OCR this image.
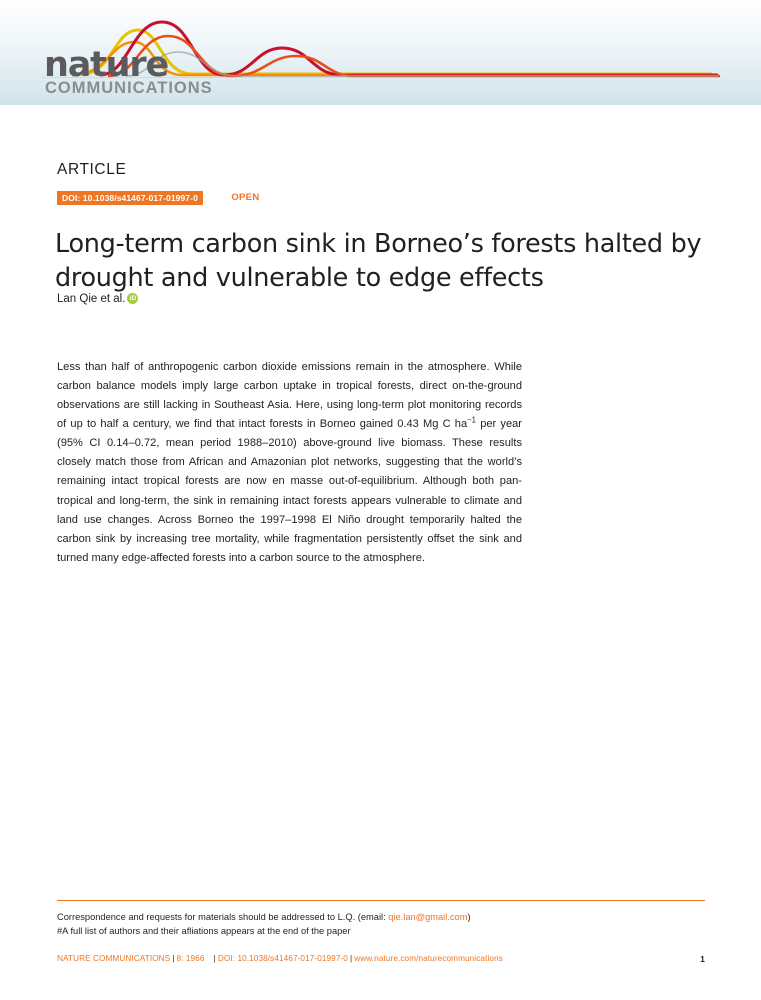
nature
COMMUNICATIONS
ARTICLE
DOI: 10.1038/s41467-017-01997-0	OPEN
Long-term carbon sink in Borneo’s forests halted by drought and vulnerable to edge effects
Lan Qie et al.iD
Less than half of anthropogenic carbon dioxide emissions remain in the atmosphere. While carbon balance models imply large carbon uptake in tropical forests, direct on-the-ground observations are still lacking in Southeast Asia. Here, using long-term plot monitoring records of up to half a century, we find that intact forests in Borneo gained 0.43 Mg C $ha^{-1}$ per year (95% CI 0.14–0.72, mean period 1988–2010) above-ground live biomass. These results closely match those from African and Amazonian plot networks, suggesting that the world’s remaining intact tropical forests are now en masse out-of-equilibrium. Although both pan-tropical and long-term, the sink in remaining intact forests appears vulnerable to climate and land use changes. Across Borneo the 1997–1998 El Niño drought temporarily halted the carbon sink by increasing tree mortality, while fragmentation persistently offset the sink and turned many edge-affected forests into a carbon source to the atmosphere.
Correspondence and requests for materials should be addressed to L.Q. (email: qie.lan@gmail.com)
#A full list of authors and their afliations appears at the end of the paper
NATURE COMMUNICATIONS | 8: 1966   | DOI: 10.1038/s41467-017-01997-0 | www.nature.com/naturecommunications	1
